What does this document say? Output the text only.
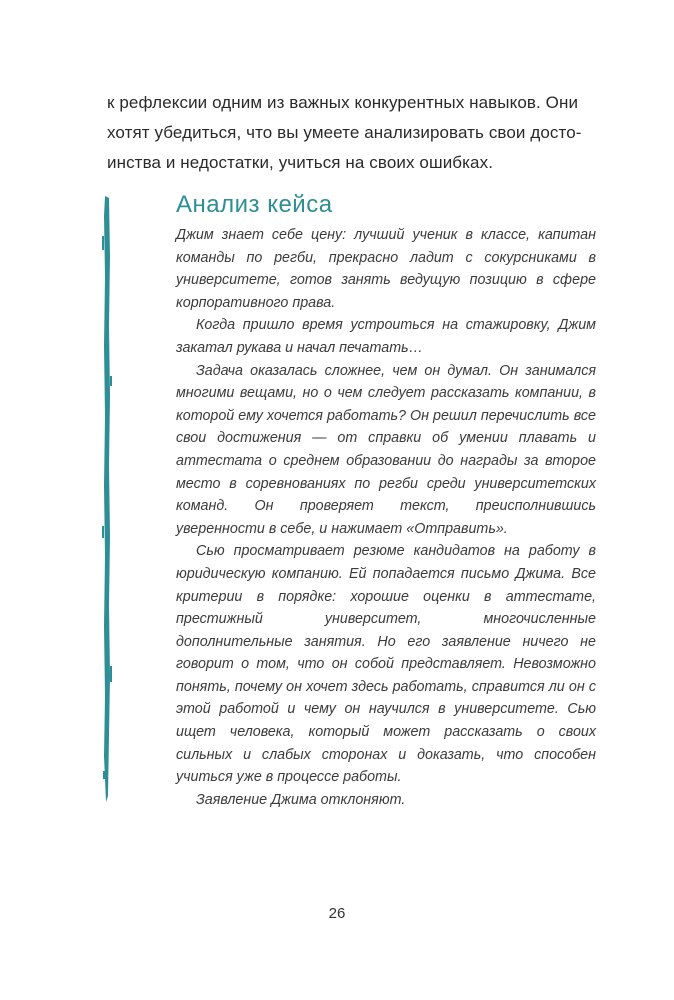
к рефлексии одним из важных конкурентных навыков. Они

хотят убедиться, что вы умеете анализировать свои досто-

инства и недостатки, учиться на своих ошибках.

Анализ кейса

Джим знает себе цену: лучший ученик в классе, капитан команды по регби, прекрасно ладит с сокурсниками в университете, готов занять ведущую позицию в сфере корпоративного права.

Когда пришло время устроиться на стажировку, Джим закатал рукава и начал печатать…

Задача оказалась сложнее, чем он думал. Он занимался многими вещами, но о чем следует рассказать компании, в которой ему хочется работать? Он решил перечислить все свои достижения — от справки об умении плавать и аттестата о среднем образовании до награды за второе место в соревнованиях по регби среди университетских команд. Он проверяет текст, преисполнившись уверенности в себе, и нажимает «Отправить».

Сью просматривает резюме кандидатов на работу в юридическую компанию. Ей попадается письмо Джима. Все критерии в порядке: хорошие оценки в аттестате, престижный университет, многочисленные дополнительные занятия. Но его заявление ничего не говорит о том, что он собой представляет. Невозможно понять, почему он хочет здесь работать, справится ли он с этой работой и чему он научился в университете. Сью ищет человека, который может рассказать о своих сильных и слабых сторонах и доказать, что способен учиться уже в процессе работы.

Заявление Джима отклоняют.

26
